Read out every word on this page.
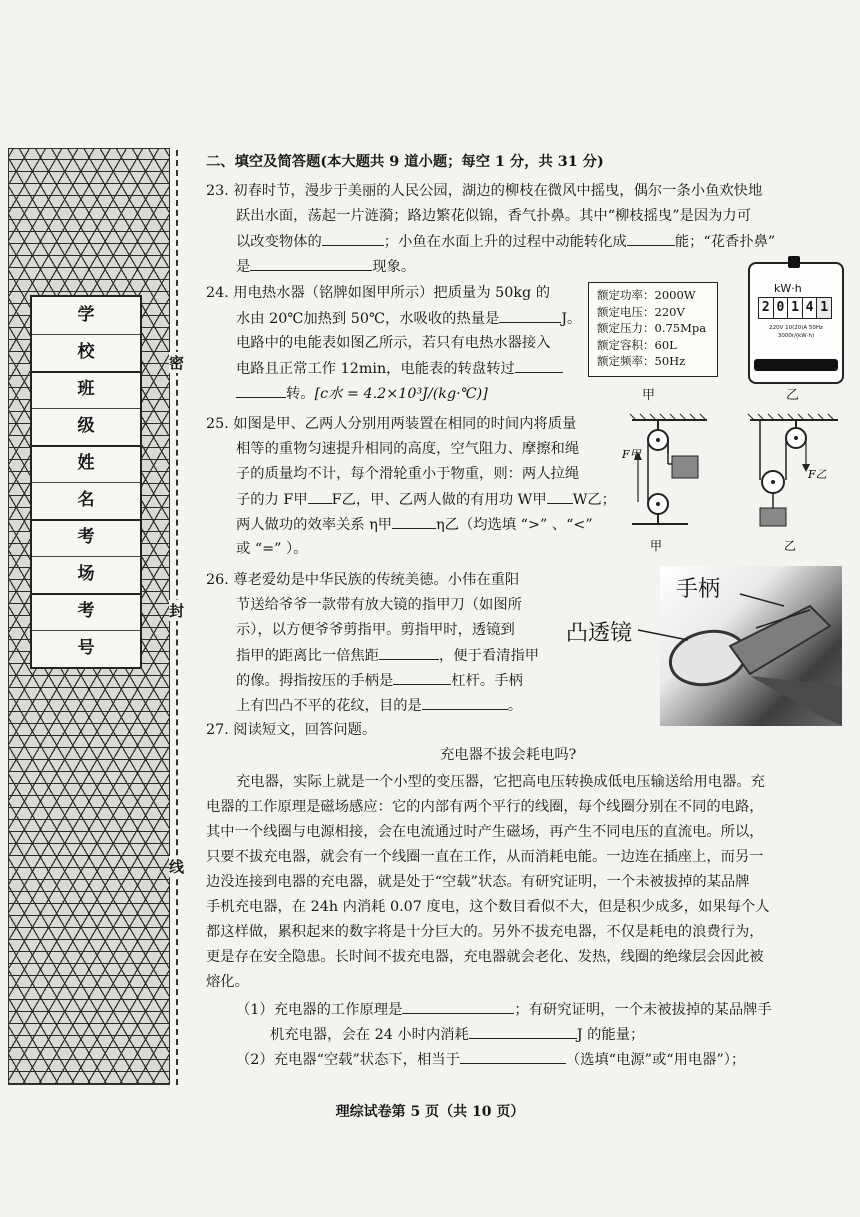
学 校
班 级
姓 名
考 场
考 号
密
封
线
二、填空及简答题(本大题共 9 道小题；每空 1 分，共 31 分)
23. 初春时节，漫步于美丽的人民公园，湖边的柳枝在微风中摇曳，偶尔一条小鱼欢快地
跃出水面，荡起一片涟漪；路边繁花似锦，香气扑鼻。其中“柳枝摇曳”是因为力可
以改变物体的	；小鱼在水面上升的过程中动能转化成	能；“花香扑鼻”
是	现象。
24. 用电热水器（铭牌如图甲所示）把质量为 50kg 的
水由 20℃加热到 50℃，水吸收的热量是	J。
电路中的电能表如图乙所示，若只有电热水器接入
电路且正常工作 12min，电能表的转盘转过
转。[c水 = 4.2×10³J/(kg·℃)]
额定功率：2000W
额定电压：220V
额定压力：0.75Mpa
额定容积：60L
额定频率：50Hz
甲
kW·h
2 0 1 4 1
220V 10(20)A 50Hz
3000r/(kW·h)
乙
25. 如图是甲、乙两人分别用两装置在相同的时间内将质量
相等的重物匀速提升相同的高度，空气阻力、摩擦和绳
子的质量均不计，每个滑轮重小于物重，则：两人拉绳
子的力 F甲 F乙，甲、乙两人做的有用功 W甲 W乙；
两人做功的效率关系 η甲	η乙（均选填 “>” 、“<”
或 “=” ）。
F甲
F乙
甲	乙
26. 尊老爱幼是中华民族的传统美德。小伟在重阳
节送给爷爷一款带有放大镜的指甲刀（如图所
示），以方便爷爷剪指甲。剪指甲时，透镜到
指甲的距离比一倍焦距	，便于看清指甲
的像。拇指按压的手柄是	杠杆。手柄
上有凹凸不平的花纹，目的是	。
手柄
凸透镜
27. 阅读短文，回答问题。
充电器不拔会耗电吗?
充电器，实际上就是一个小型的变压器，它把高电压转换成低电压输送给用电器。充
电器的工作原理是磁场感应：它的内部有两个平行的线圈，每个线圈分别在不同的电路，
其中一个线圈与电源相接，会在电流通过时产生磁场，再产生不同电压的直流电。所以，
只要不拔充电器，就会有一个线圈一直在工作，从而消耗电能。一边连在插座上，而另一
边没连接到电器的充电器，就是处于“空载”状态。有研究证明，一个未被拔掉的某品牌
手机充电器，在 24h 内消耗 0.07 度电，这个数目看似不大，但是积少成多，如果每个人
都这样做，累积起来的数字将是十分巨大的。另外不拔充电器，不仅是耗电的浪费行为，
更是存在安全隐患。长时间不拔充电器，充电器就会老化、发热，线圈的绝缘层会因此被
熔化。
（1）充电器的工作原理是	；有研究证明，一个未被拔掉的某品牌手
机充电器，会在 24 小时内消耗	J 的能量；
（2）充电器“空载”状态下，相当于	（选填“电源”或“用电器”）；
理综试卷第 5 页（共 10 页）
